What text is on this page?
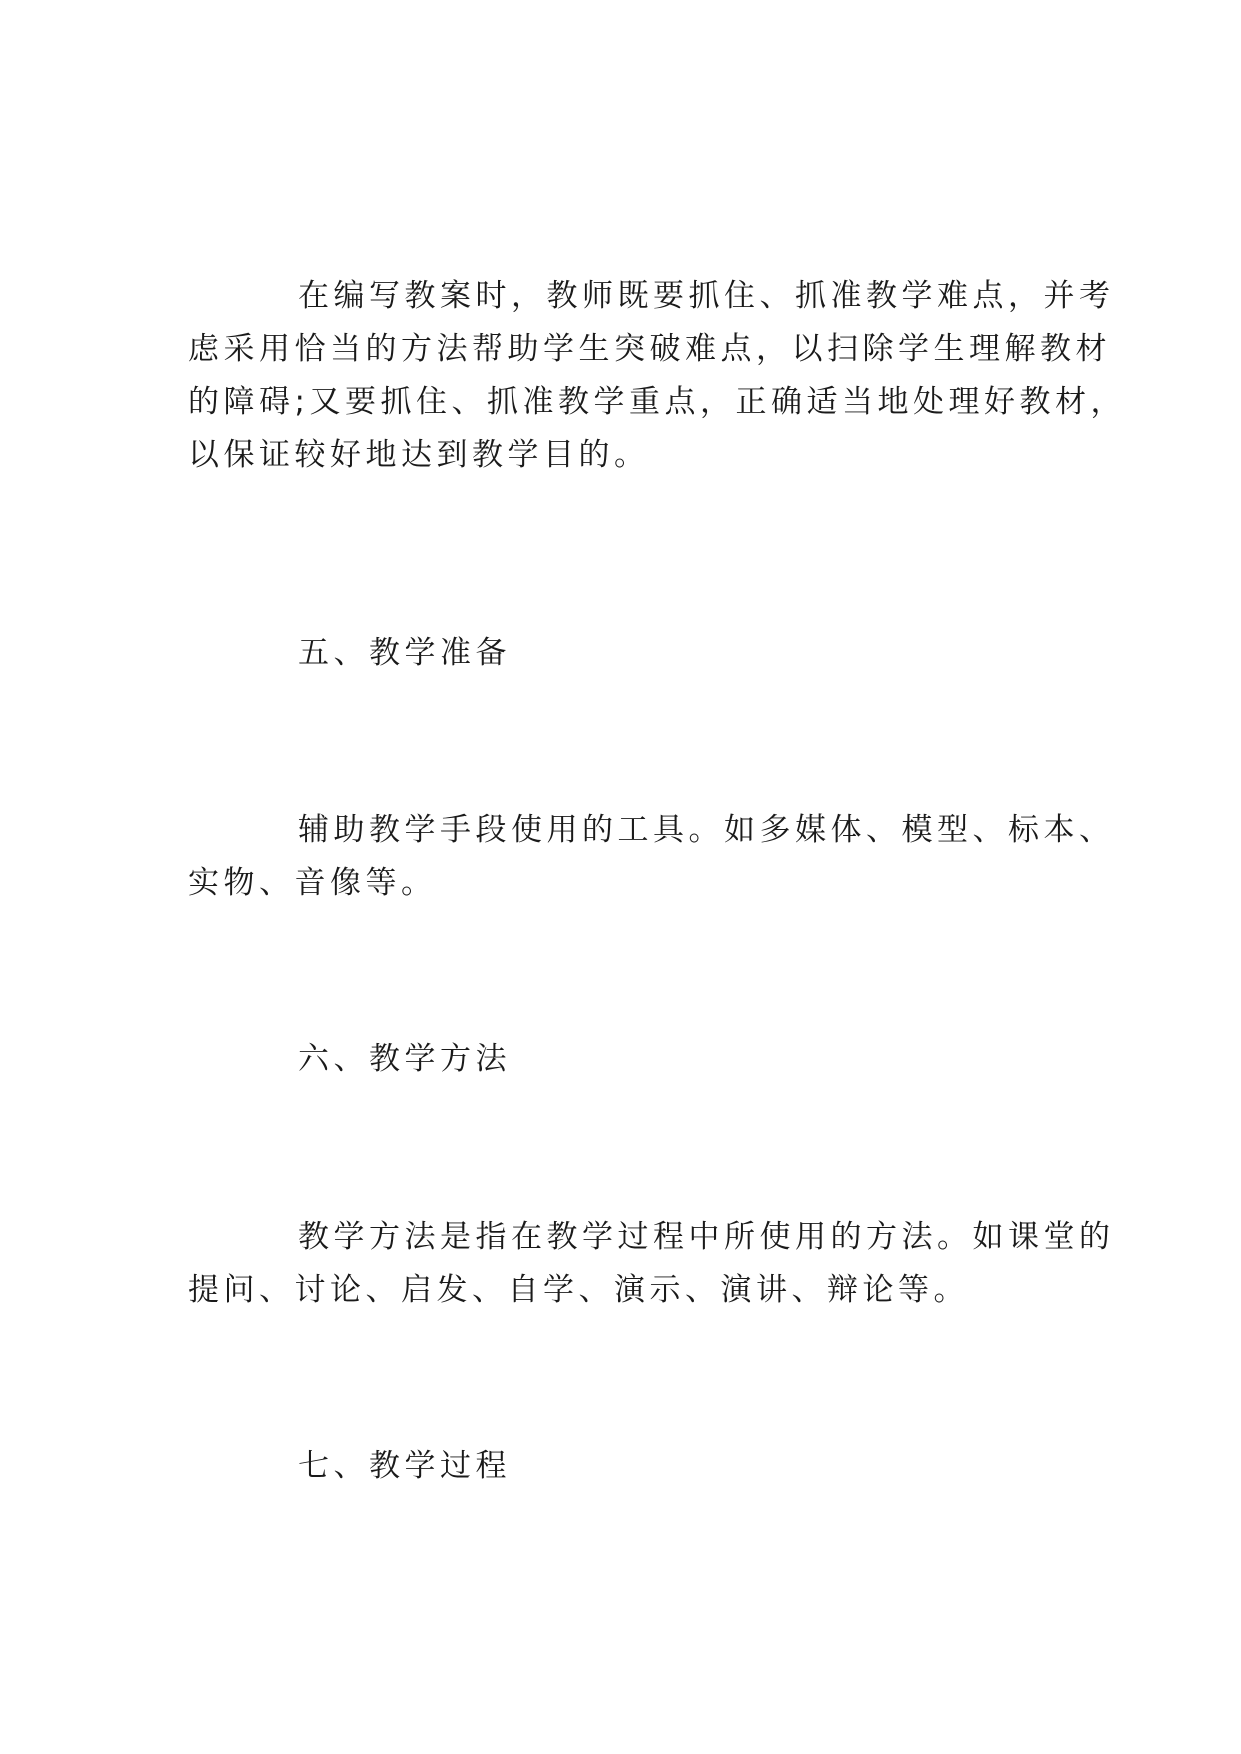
在编写教案时，教师既要抓住、抓准教学难点，并考
虑采用恰当的方法帮助学生突破难点，以扫除学生理解教材
的障碍;又要抓住、抓准教学重点，正确适当地处理好教材，
以保证较好地达到教学目的。

五、教学准备

辅助教学手段使用的工具。如多媒体、模型、标本、
实物、音像等。

六、教学方法

教学方法是指在教学过程中所使用的方法。如课堂的
提问、讨论、启发、自学、演示、演讲、辩论等。

七、教学过程
